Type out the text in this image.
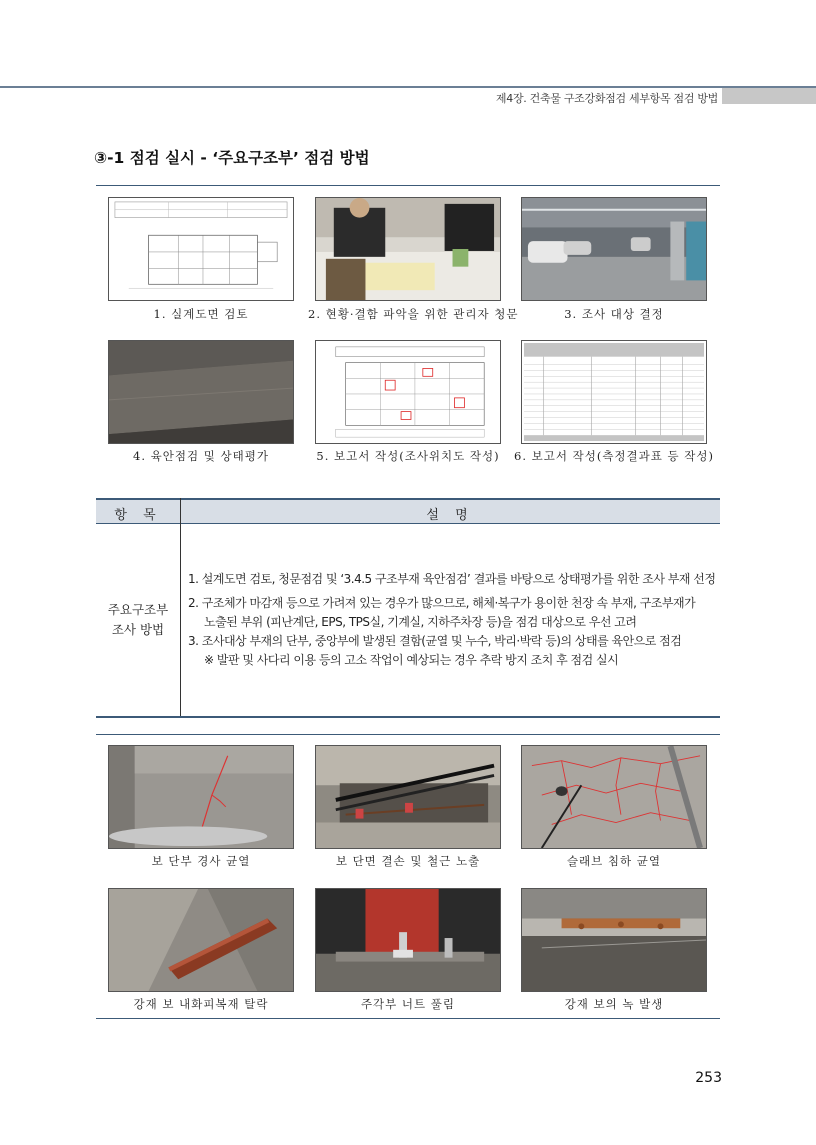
제4장. 건축물 구조강화점검 세부항목 점검 방법
③-1 점검 실시 - ‘주요구조부’ 점검 방법
1. 실계도면 검토	2. 현황·결함 파악을 위한 관리자 청문	3. 조사 대상 결정
4. 육안점검 및 상태평가	5. 보고서 작성(조사위치도 작성)	6. 보고서 작성(측정결과표 등 작성)
항 목	설 명
주요구조부
조사 방법
1. 설계도면 검토, 청문점검 및 ‘3.4.5 구조부재 육안점검’ 결과를 바탕으로 상태평가를 위한 조사 부재 선정
2. 구조체가 마감재 등으로 가려져 있는 경우가 많으므로, 해체·복구가 용이한 천장 속 부재, 구조부재가
노출된 부위 (피난계단, EPS, TPS실, 기계실, 지하주차장 등)을 점검 대상으로 우선 고려
3. 조사대상 부재의 단부, 중앙부에 발생된 결함(균열 및 누수, 박리·박락 등)의 상태를 육안으로 점검
※ 발판 및 사다리 이용 등의 고소 작업이 예상되는 경우 추락 방지 조치 후 점검 실시
보 단부 경사 균열	보 단면 결손 및 철근 노출	슬래브 침하 균열
강재 보 내화피복재 탈락	주각부 너트 풀림	강재 보의 녹 발생
253
